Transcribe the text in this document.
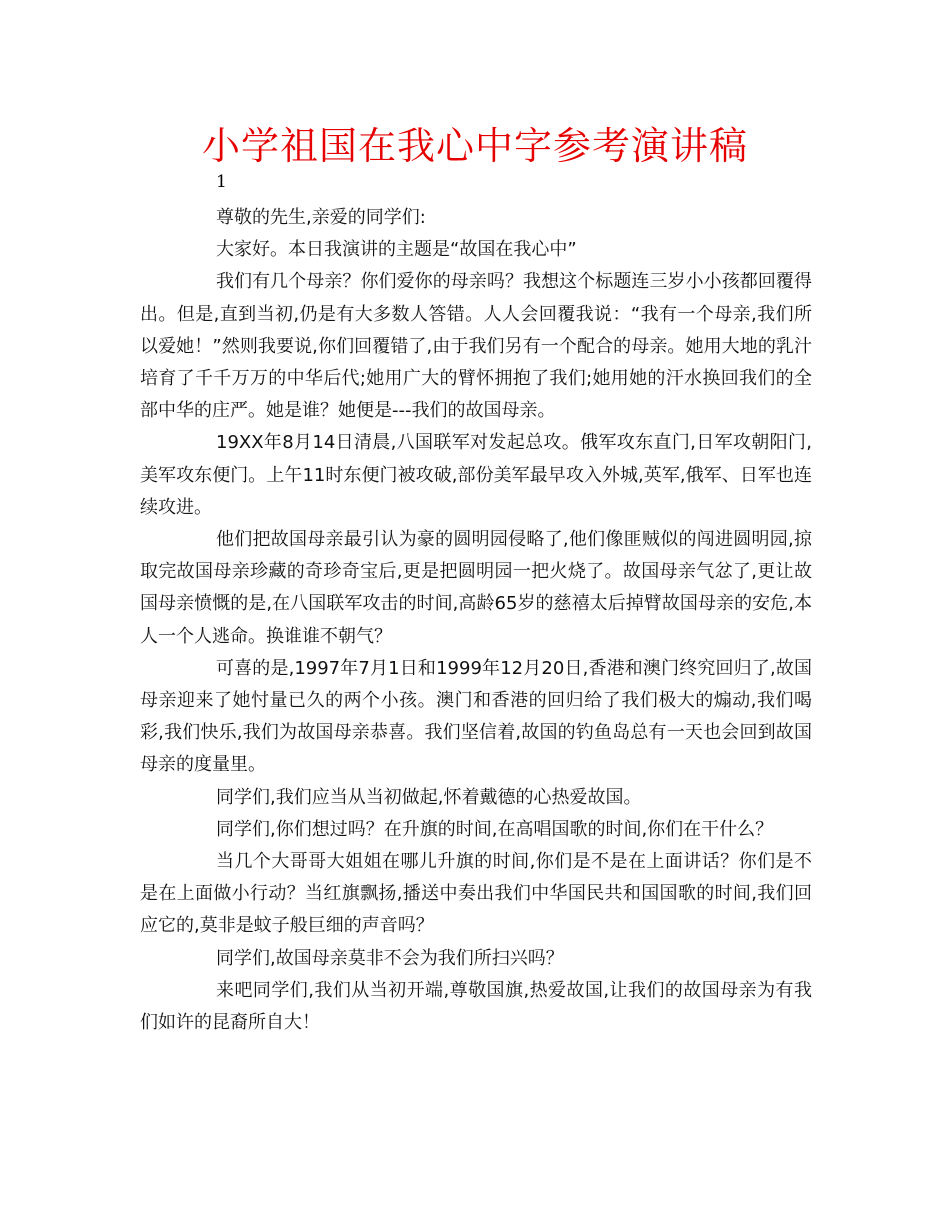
小学祖国在我心中字参考演讲稿
1

尊敬的先生,亲爱的同学们:

大家好。本日我演讲的主题是“故国在我心中”

我们有几个母亲？你们爱你的母亲吗？我想这个标题连三岁小小孩都回覆得出。但是,直到当初,仍是有大多数人答错。人人会回覆我说：“我有一个母亲,我们所以爱她！”然则我要说,你们回覆错了,由于我们另有一个配合的母亲。她用大地的乳汁培育了千千万万的中华后代;她用广大的臂怀拥抱了我们;她用她的汗水换回我们的全部中华的庄严。她是谁？她便是---我们的故国母亲。

19XX年8月14日清晨,八国联军对发起总攻。俄军攻东直门,日军攻朝阳门,美军攻东便门。上午11时东便门被攻破,部份美军最早攻入外城,英军,俄军、日军也连续攻进。

他们把故国母亲最引认为豪的圆明园侵略了,他们像匪贼似的闯进圆明园,掠取完故国母亲珍藏的奇珍奇宝后,更是把圆明园一把火烧了。故国母亲气忿了,更让故国母亲愤慨的是,在八国联军攻击的时间,高龄65岁的慈禧太后掉臂故国母亲的安危,本人一个人逃命。换谁谁不朝气？

可喜的是,1997年7月1日和1999年12月20日,香港和澳门终究回归了,故国母亲迎来了她忖量已久的两个小孩。澳门和香港的回归给了我们极大的煽动,我们喝彩,我们快乐,我们为故国母亲恭喜。我们坚信着,故国的钓鱼岛总有一天也会回到故国母亲的度量里。

同学们,我们应当从当初做起,怀着戴德的心热爱故国。

同学们,你们想过吗？在升旗的时间,在高唱国歌的时间,你们在干什么？

当几个大哥哥大姐姐在哪儿升旗的时间,你们是不是在上面讲话？你们是不是在上面做小行动？当红旗飘扬,播送中奏出我们中华国民共和国国歌的时间,我们回应它的,莫非是蚊子般巨细的声音吗？

同学们,故国母亲莫非不会为我们所扫兴吗？

来吧同学们,我们从当初开端,尊敬国旗,热爱故国,让我们的故国母亲为有我们如许的昆裔所自大！
